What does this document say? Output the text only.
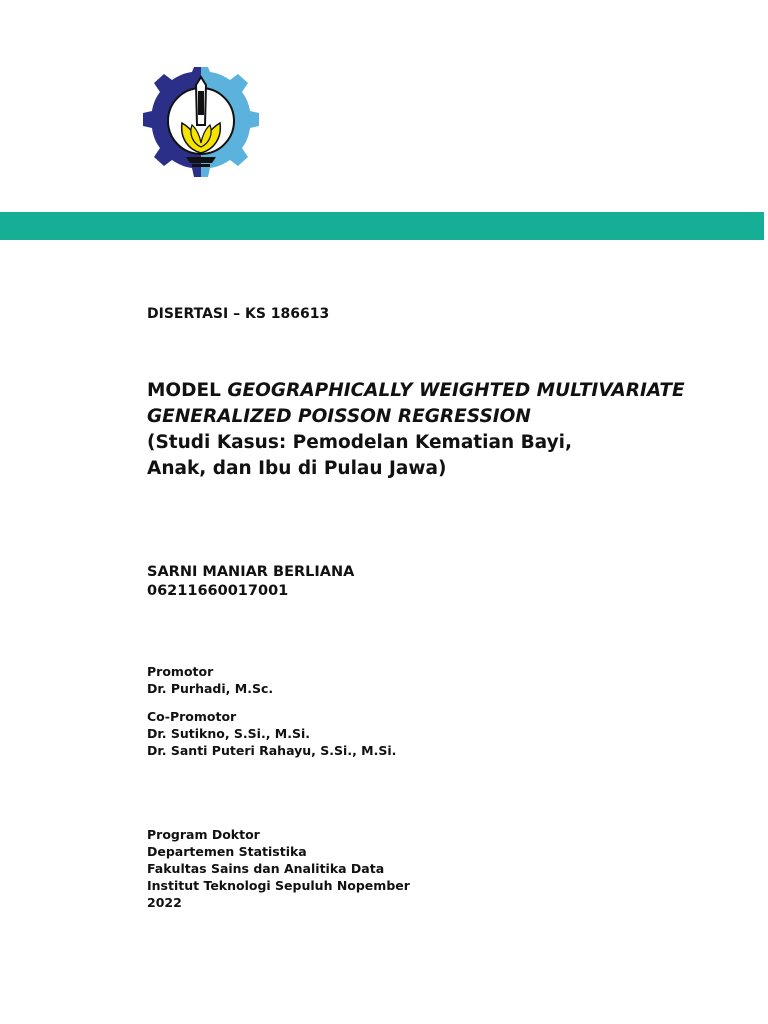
DISERTASI – KS 186613
MODEL GEOGRAPHICALLY WEIGHTED MULTIVARIATE GENERALIZED POISSON REGRESSION
(Studi Kasus: Pemodelan Kematian Bayi,
Anak, dan Ibu di Pulau Jawa)
SARNI MANIAR BERLIANA
06211660017001
Promotor
Dr. Purhadi, M.Sc.
Co-Promotor
Dr. Sutikno, S.Si., M.Si.
Dr. Santi Puteri Rahayu, S.Si., M.Si.
Program Doktor
Departemen Statistika
Fakultas Sains dan Analitika Data
Institut Teknologi Sepuluh Nopember
2022
